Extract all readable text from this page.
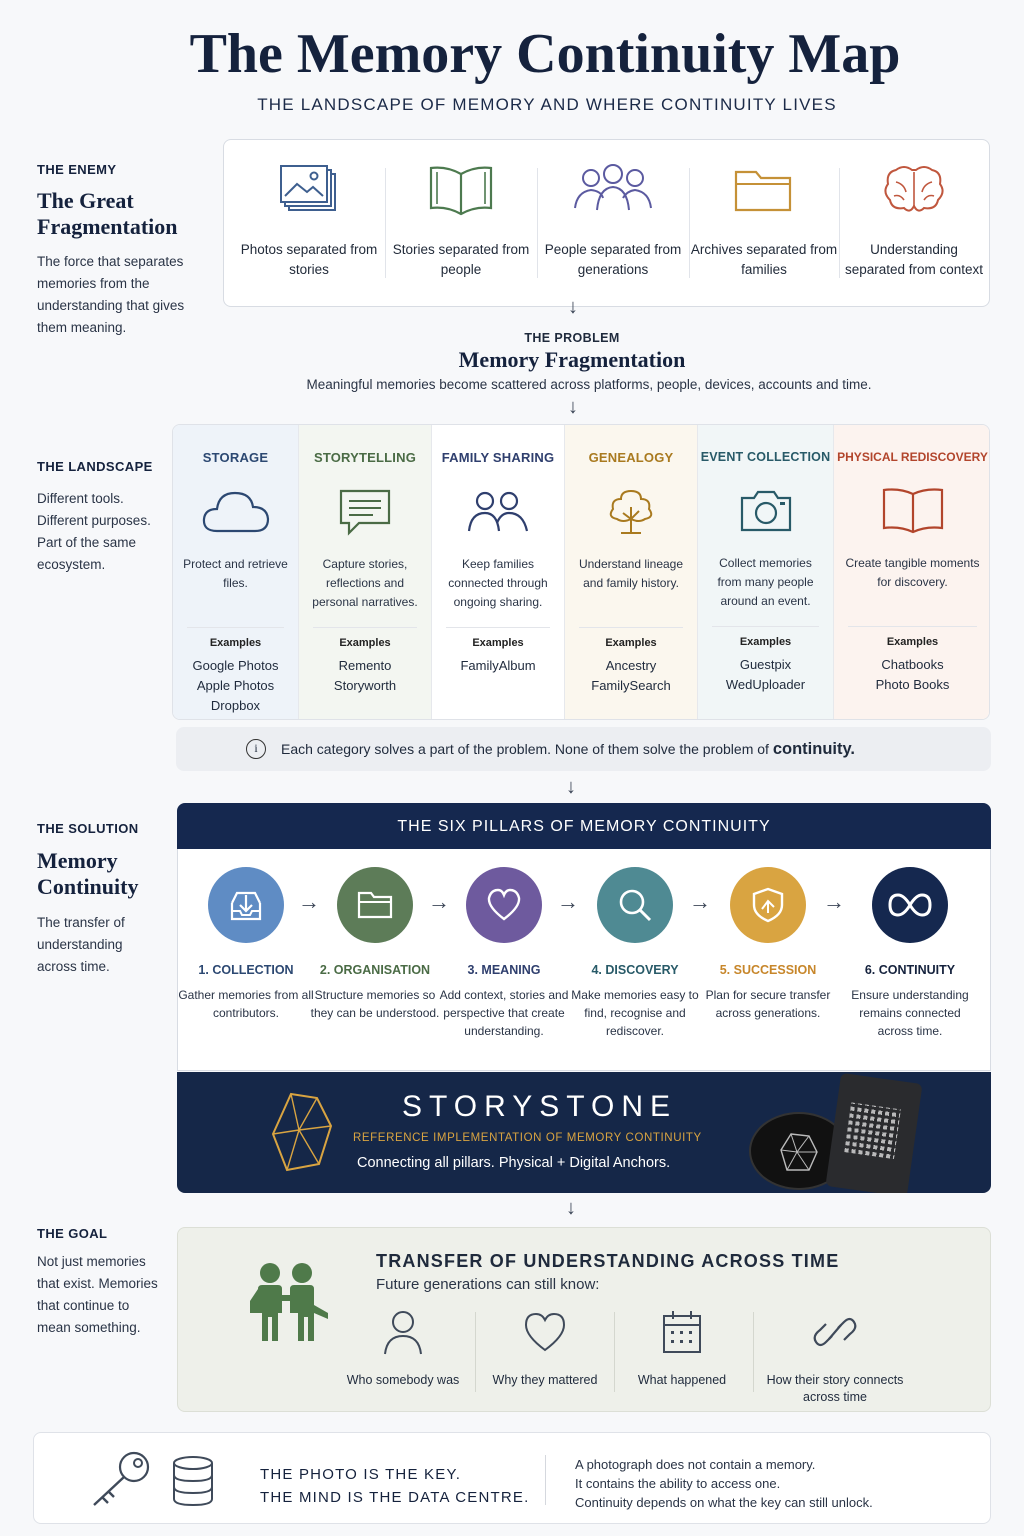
The Memory Continuity Map
THE LANDSCAPE OF MEMORY AND WHERE CONTINUITY LIVES
THE ENEMY
The Great Fragmentation
The force that separates memories from the understanding that gives them meaning.
Photos separated from stories
Stories separated from people
People separated from generations
Archives separated from families
Understanding separated from context
↓
THE PROBLEM
Memory Fragmentation
Meaningful memories become scattered across platforms, people, devices, accounts and time.
↓
THE LANDSCAPE
Different tools. Different purposes. Part of the same ecosystem.
STORAGE
Protect and retrieve files.
Examples
Google Photos
Apple Photos
Dropbox
STORYTELLING
Capture stories, reflections and personal narratives.
Examples
Remento
Storyworth
FAMILY SHARING
Keep families connected through ongoing sharing.
Examples
FamilyAlbum
GENEALOGY
Understand lineage and family history.
Examples
Ancestry
FamilySearch
EVENT COLLECTION
Collect memories from many people around an event.
Examples
Guestpix
WedUploader
PHYSICAL REDISCOVERY
Create tangible moments for discovery.
Examples
Chatbooks
Photo Books
i	Each category solves a part of the problem. None of them solve the problem of continuity.
↓
THE SOLUTION
Memory Continuity
The transfer of understanding across time.
THE SIX PILLARS OF MEMORY CONTINUITY
1. COLLECTION
Gather memories from all contributors.
→
2. ORGANISATION
Structure memories so they can be understood.
→
3. MEANING
Add context, stories and perspective that create understanding.
→
4. DISCOVERY
Make memories easy to find, recognise and rediscover.
→
5. SUCCESSION
Plan for secure transfer across generations.
→
6. CONTINUITY
Ensure understanding remains connected across time.
STORYSTONE
REFERENCE IMPLEMENTATION OF MEMORY CONTINUITY
Connecting all pillars. Physical + Digital Anchors.
↓
THE GOAL
Not just memories that exist. Memories that continue to mean something.
TRANSFER OF UNDERSTANDING ACROSS TIME
Future generations can still know:
Who somebody was	Why they mattered	What happened	How their story connects across time
THE PHOTO IS THE KEY.
THE MIND IS THE DATA CENTRE.
A photograph does not contain a memory.
It contains the ability to access one.
Continuity depends on what the key can still unlock.
